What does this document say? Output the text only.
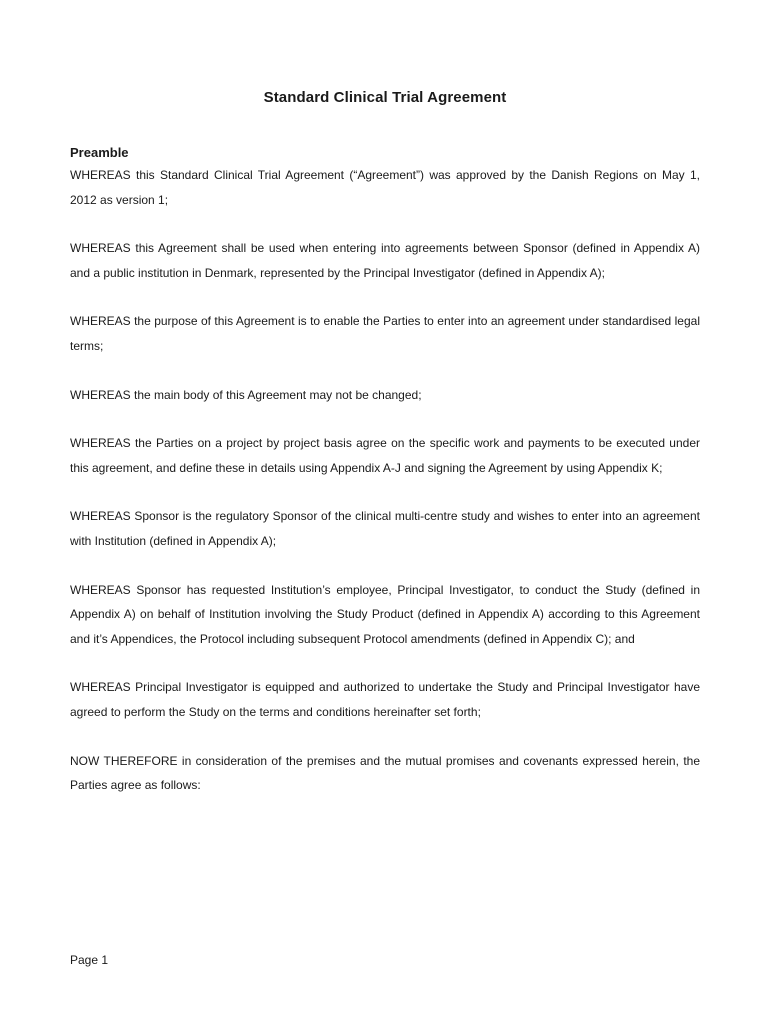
Standard Clinical Trial Agreement
Preamble

WHEREAS this Standard Clinical Trial Agreement (“Agreement”) was approved by the Danish Regions on May 1, 2012 as version 1;

WHEREAS this Agreement shall be used when entering into agreements between Sponsor (defined in Appendix A) and a public institution in Denmark, represented by the Principal Investigator (defined in Appendix A);

WHEREAS the purpose of this Agreement is to enable the Parties to enter into an agreement under standardised legal terms;

WHEREAS the main body of this Agreement may not be changed;

WHEREAS the Parties on a project by project basis agree on the specific work and payments to be executed under this agreement, and define these in details using Appendix A-J and signing the Agreement by using Appendix K;

WHEREAS Sponsor is the regulatory Sponsor of the clinical multi-centre study and wishes to enter into an agreement with Institution (defined in Appendix A);

WHEREAS Sponsor has requested Institution’s employee, Principal Investigator, to conduct the Study (defined in Appendix A) on behalf of Institution involving the Study Product (defined in Appendix A) according to this Agreement and it’s Appendices, the Protocol including subsequent Protocol amendments (defined in Appendix C); and

WHEREAS Principal Investigator is equipped and authorized to undertake the Study and Principal Investigator have agreed to perform the Study on the terms and conditions hereinafter set forth;

NOW THEREFORE in consideration of the premises and the mutual promises and covenants expressed herein, the Parties agree as follows:

Page 1
